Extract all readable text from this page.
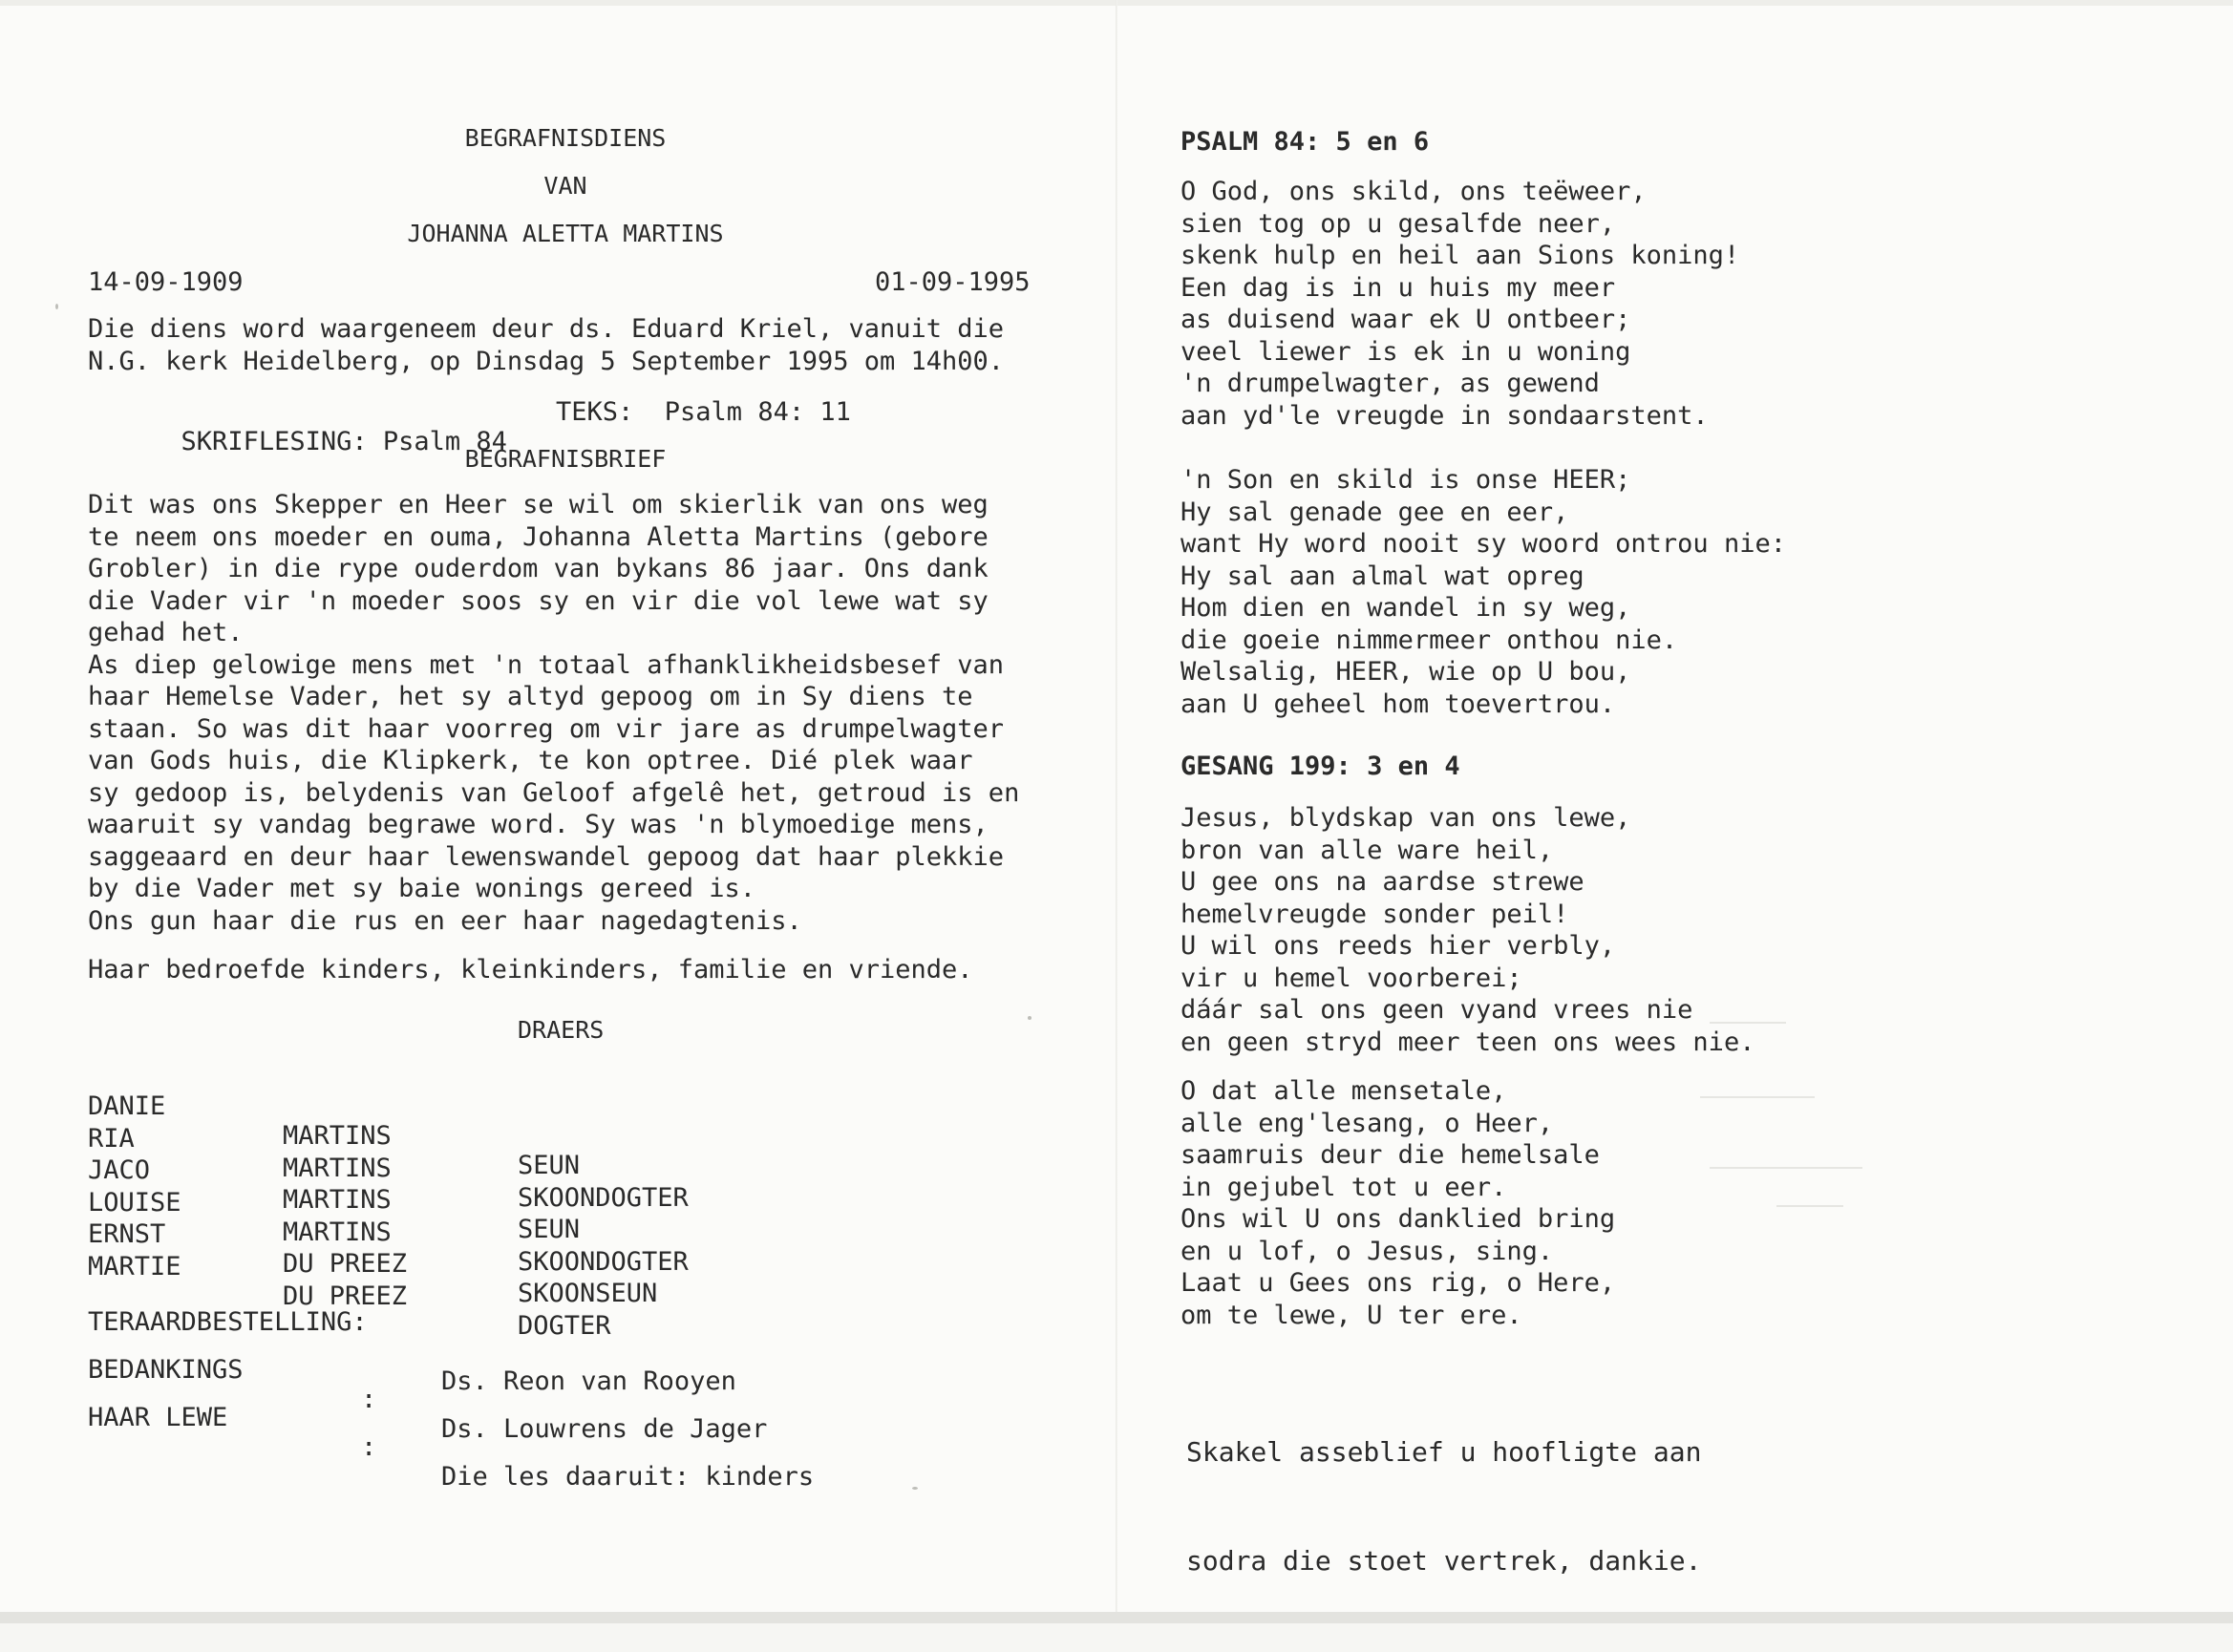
BEGRAFNISDIENS
VAN
JOHANNA ALETTA MARTINS
14-09-1909	01-09-1995
Die diens word waargeneem deur ds. Eduard Kriel, vanuit die
N.G. kerk Heidelberg, op Dinsdag 5 September 1995 om 14h00.

SKRIFLESING: Psalm 84

TEKS:  Psalm 84: 11

BEGRAFNISBRIEF
Dit was ons Skepper en Heer se wil om skierlik van ons weg
te neem ons moeder en ouma, Johanna Aletta Martins (gebore
Grobler) in die rype ouderdom van bykans 86 jaar. Ons dank
die Vader vir 'n moeder soos sy en vir die vol lewe wat sy
gehad het.
As diep gelowige mens met 'n totaal afhanklikheidsbesef van
haar Hemelse Vader, het sy altyd gepoog om in Sy diens te
staan. So was dit haar voorreg om vir jare as drumpelwagter
van Gods huis, die Klipkerk, te kon optree. Dié plek waar
sy gedoop is, belydenis van Geloof afgelê het, getroud is en
waaruit sy vandag begrawe word. Sy was 'n blymoedige mens,
saggeaard en deur haar lewenswandel gepoog dat haar plekkie
by die Vader met sy baie wonings gereed is.
Ons gun haar die rus en eer haar nagedagtenis.
Haar bedroefde kinders, kleinkinders, familie en vriende.
DRAERS

DANIE

MARTINS

SEUN

RIA

MARTINS

SKOONDOGTER

JACO

MARTINS

SEUN

LOUISE

MARTINS

SKOONDOGTER

ERNST

DU PREEZ

SKOONSEUN

MARTIE

DU PREEZ

DOGTER

TERAARDBESTELLING:

Ds. Reon van Rooyen

BEDANKINGS

:

Ds. Louwrens de Jager

HAAR LEWE

:

Die les daaruit: kinders

PSALM 84: 5 en 6
O God, ons skild, ons teëweer,
sien tog op u gesalfde neer,
skenk hulp en heil aan Sions koning!
Een dag is in u huis my meer
as duisend waar ek U ontbeer;
veel liewer is ek in u woning
'n drumpelwagter, as gewend
aan yd'le vreugde in sondaarstent.
'n Son en skild is onse HEER;
Hy sal genade gee en eer,
want Hy word nooit sy woord ontrou nie:
Hy sal aan almal wat opreg
Hom dien en wandel in sy weg,
die goeie nimmermeer onthou nie.
Welsalig, HEER, wie op U bou,
aan U geheel hom toevertrou.
GESANG 199: 3 en 4
Jesus, blydskap van ons lewe,
bron van alle ware heil,
U gee ons na aardse strewe
hemelvreugde sonder peil!
U wil ons reeds hier verbly,
vir u hemel voorberei;
dáár sal ons geen vyand vrees nie
en geen stryd meer teen ons wees nie.
O dat alle mensetale,
alle eng'lesang, o Heer,
saamruis deur die hemelsale
in gejubel tot u eer.
Ons wil U ons danklied bring
en u lof, o Jesus, sing.
Laat u Gees ons rig, o Here,
om te lewe, U ter ere.

Skakel asseblief u hoofligte aan

sodra die stoet vertrek, dankie.
